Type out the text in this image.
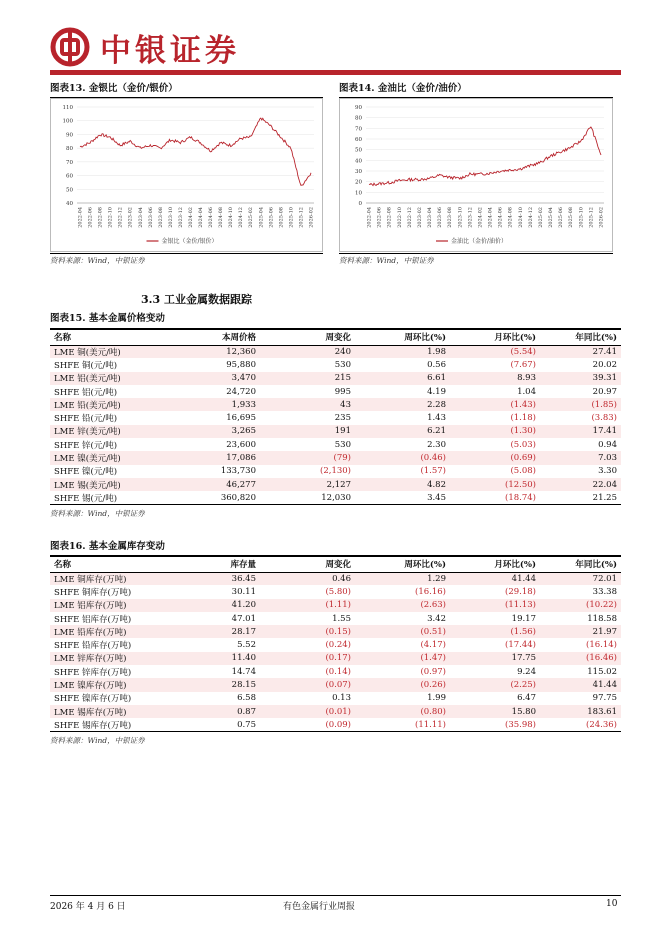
中银证券
图表13. 金银比（金价/银价）
40
50
60
70
80
90
100
110
2022-04 2022-06 2022-08 2022-10 2022-12 2023-02 2023-04 2023-06 2023-08 2023-10 2023-12 2024-02 2024-04 2024-06 2024-08 2024-10 2024-12 2025-02 2025-04 2025-06 2025-08 2025-10 2025-12 2026-02
金银比（金价/银价）
资料来源：Wind，中银证券
图表14. 金油比（金价/油价）
0
10
20
30
40
50
60
70
80
90
2022-04 2022-06 2022-08 2022-10 2022-12 2023-02 2023-04 2023-06 2023-08 2023-10 2023-12 2024-02 2024-04 2024-06 2024-08 2024-10 2024-12 2025-02 2025-04 2025-06 2025-08 2025-10 2025-12 2026-02
金油比（金价/油价）
资料来源：Wind，中银证券
3.3 工业金属数据跟踪
图表15. 基本金属价格变动
名称	本周价格	周变化	周环比(%)	月环比(%)	年同比(%)
LME 铜(美元/吨)	12,360	240	1.98	(5.54)	27.41
SHFE 铜(元/吨)	95,880	530	0.56	(7.67)	20.02
LME 铝(美元/吨)	3,470	215	6.61	8.93	39.31
SHFE 铝(元/吨)	24,720	995	4.19	1.04	20.97
LME 铅(美元/吨)	1,933	43	2.28	(1.43)	(1.85)
SHFE 铅(元/吨)	16,695	235	1.43	(1.18)	(3.83)
LME 锌(美元/吨)	3,265	191	6.21	(1.30)	17.41
SHFE 锌(元/吨)	23,600	530	2.30	(5.03)	0.94
LME 镍(美元/吨)	17,086	(79)	(0.46)	(0.69)	7.03
SHFE 镍(元/吨)	133,730	(2,130)	(1.57)	(5.08)	3.30
LME 锡(美元/吨)	46,277	2,127	4.82	(12.50)	22.04
SHFE 锡(元/吨)	360,820	12,030	3.45	(18.74)	21.25
资料来源：Wind，中银证券
图表16. 基本金属库存变动
名称	库存量	周变化	周环比(%)	月环比(%)	年同比(%)
LME 铜库存(万吨)	36.45	0.46	1.29	41.44	72.01
SHFE 铜库存(万吨)	30.11	(5.80)	(16.16)	(29.18)	33.38
LME 铝库存(万吨)	41.20	(1.11)	(2.63)	(11.13)	(10.22)
SHFE 铝库存(万吨)	47.01	1.55	3.42	19.17	118.58
LME 铅库存(万吨)	28.17	(0.15)	(0.51)	(1.56)	21.97
SHFE 铅库存(万吨)	5.52	(0.24)	(4.17)	(17.44)	(16.14)
LME 锌库存(万吨)	11.40	(0.17)	(1.47)	17.75	(16.46)
SHFE 锌库存(万吨)	14.74	(0.14)	(0.97)	9.24	115.02
LME 镍库存(万吨)	28.15	(0.07)	(0.26)	(2.25)	41.44
SHFE 镍库存(万吨)	6.58	0.13	1.99	6.47	97.75
LME 锡库存(万吨)	0.87	(0.01)	(0.80)	15.80	183.61
SHFE 锡库存(万吨)	0.75	(0.09)	(11.11)	(35.98)	(24.36)
资料来源：Wind，中银证券
2026 年 4 月 6 日	有色金属行业周报	10
